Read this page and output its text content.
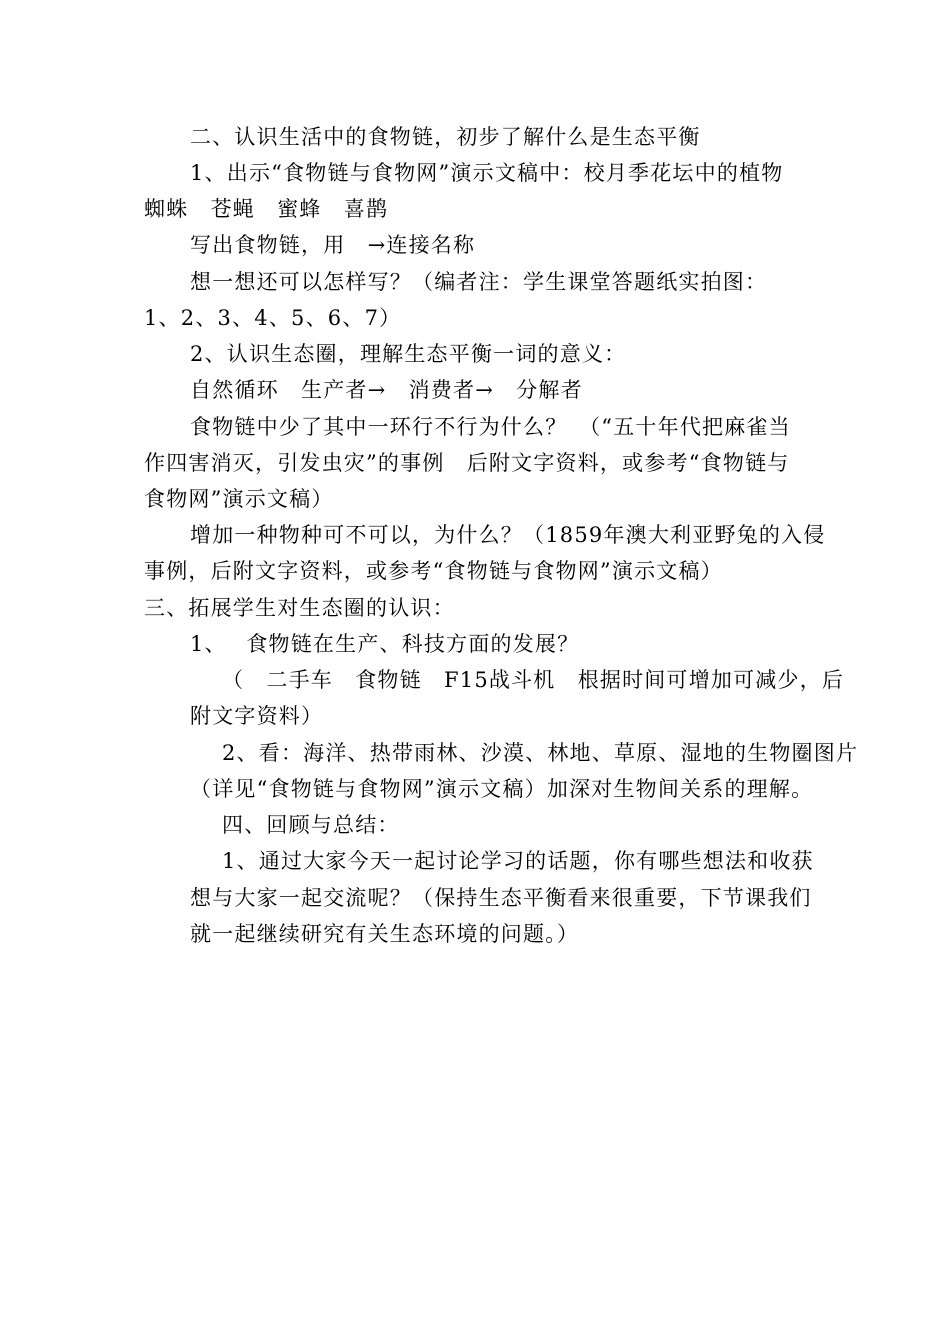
二、认识生活中的食物链，初步了解什么是生态平衡
1、出示“食物链与食物网”演示文稿中：校月季花坛中的植物
蜘蛛　苍蝇　蜜蜂　喜鹊
写出食物链，用　→连接名称
想一想还可以怎样写？（编者注：学生课堂答题纸实拍图：
1、2、3、4、5、6、7）
2、认识生态圈，理解生态平衡一词的意义：
自然循环　生产者→　消费者→　分解者
食物链中少了其中一环行不行为什么？　（“五十年代把麻雀当
作四害消灭，引发虫灾”的事例　后附文字资料，或参考“食物链与
食物网”演示文稿）
增加一种物种可不可以，为什么？（1859年澳大利亚野兔的入侵
事例，后附文字资料，或参考“食物链与食物网”演示文稿）
三、拓展学生对生态圈的认识：
1、　 食物链在生产、科技方面的发展？
（　二手车　食物链　F15战斗机　根据时间可增加可减少，后
附文字资料）
2、看：海洋、热带雨林、沙漠、林地、草原、湿地的生物圈图片
（详见“食物链与食物网”演示文稿）加深对生物间关系的理解。
四、回顾与总结：
1、通过大家今天一起讨论学习的话题，你有哪些想法和收获
想与大家一起交流呢？（保持生态平衡看来很重要，下节课我们
就一起继续研究有关生态环境的问题。）
